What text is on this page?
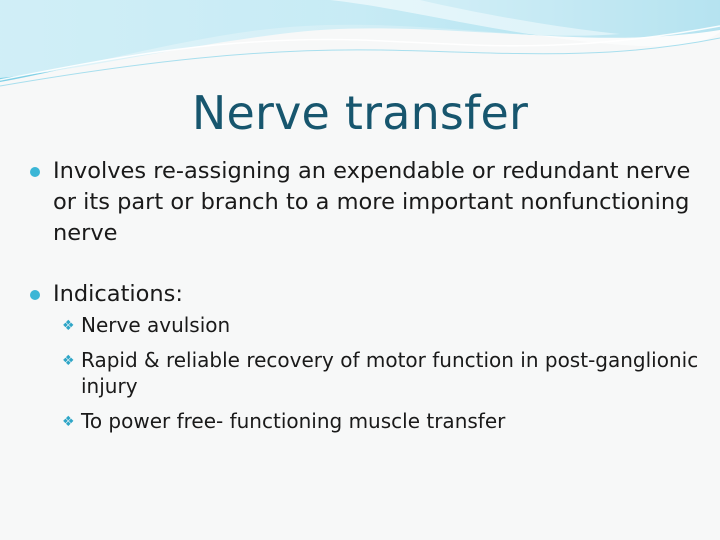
Nerve transfer

Involves re-assigning an expendable or redundant nerve or its part or branch to a more important nonfunctioning nerve

Indications:

❖ Nerve avulsion
❖ Rapid & reliable recovery of motor function in post-ganglionic injury
❖ To power free- functioning muscle transfer
